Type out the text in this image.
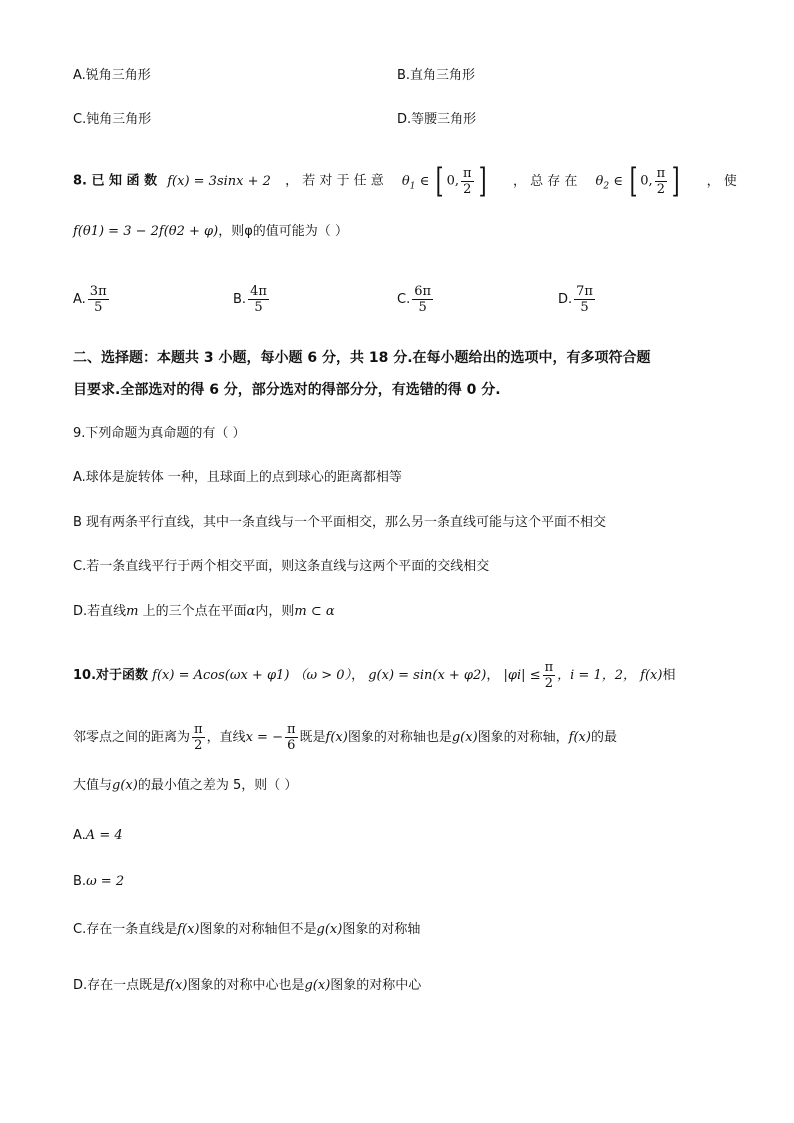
A.锐角三角形	B.直角三角形
C.钝角三角形	D.等腰三角形
8. 已 知 函 数 f(x) = 3sinx + 2 ， 若 对 于 任 意 $\theta_1$ ∈ [ 0, $\frac{\pi}{2}$ ] ， 总 存 在 $\theta_2$ ∈ [ 0, $\frac{\pi}{2}$ ] ， 使
f(θ1) = 3 − 2f(θ2 + φ)，则φ的值可能为（ ）
A. $\frac{3\pi}{5}$	B. $\frac{4\pi}{5}$	C. $\frac{6\pi}{5}$	D. $\frac{7\pi}{5}$
二、选择题：本题共 3 小题，每小题 6 分，共 18 分.在每小题给出的选项中，有多项符合题
目要求.全部选对的得 6 分，部分选对的得部分分，有选错的得 0 分.
9.下列命题为真命题的有（ ）
A.球体是旋转体 一种，且球面上的点到球心的距离都相等
B 现有两条平行直线，其中一条直线与一个平面相交，那么另一条直线可能与这个平面不相交
C.若一条直线平行于两个相交平面，则这条直线与这两个平面的交线相交
D.若直线m 上的三个点在平面α内，则m ⊂ α
10.对于函数 f(x) = Acos(ωx + φ1) （ω > 0）， g(x) = sin(x + φ2)， $|\varphi i| \le \frac{\pi}{2}$ ，i = 1，2， f(x)相
邻零点之间的距离为 $\frac{\pi}{2}$ ，直线x = − $\frac{\pi}{6}$ 既是f(x)图象的对称轴也是g(x)图象的对称轴，f(x)的最
大值与g(x)的最小值之差为 5，则（ ）
A.A = 4
B.ω = 2
C.存在一条直线是f(x)图象的对称轴但不是g(x)图象的对称轴
D.存在一点既是f(x)图象的对称中心也是g(x)图象的对称中心
